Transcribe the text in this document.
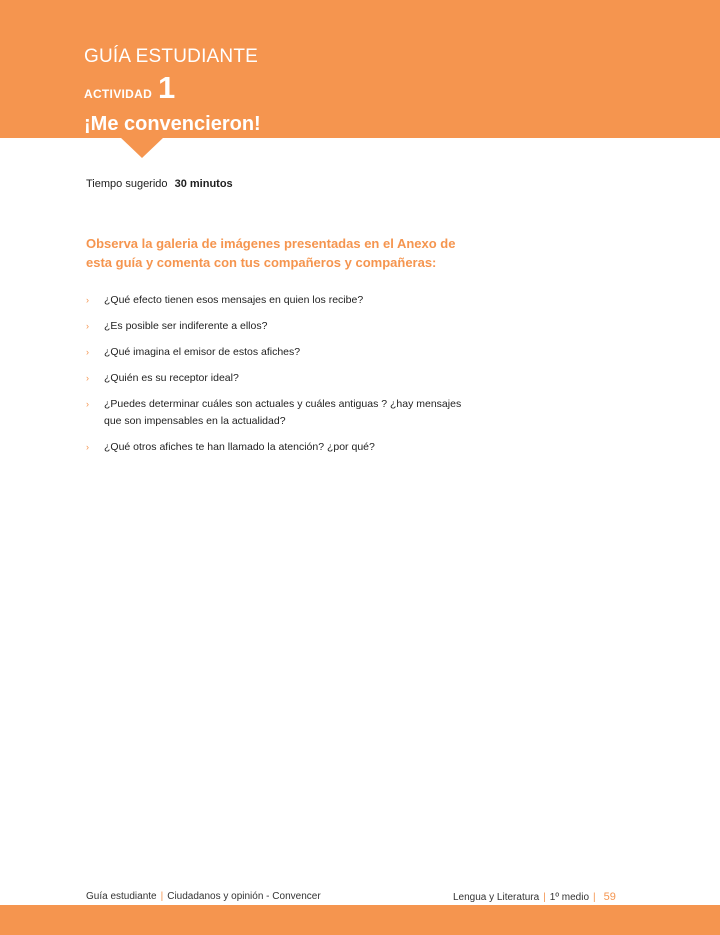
GUÍA ESTUDIANTE
ACTIVIDAD 1
¡Me convencieron!
Tiempo sugerido 30 minutos
Observa la galeria de imágenes presentadas en el Anexo de esta guía y comenta con tus compañeros y compañeras:
› ¿Qué efecto tienen esos mensajes en quien los recibe?
› ¿Es posible ser indiferente a ellos?
› ¿Qué imagina el emisor de estos afiches?
› ¿Quién es su receptor ideal?
› ¿Puedes determinar cuáles son actuales y cuáles antiguas ? ¿hay mensajes que son impensables en la actualidad?
› ¿Qué otros afiches te han llamado la atención? ¿por qué?
Guía estudiante | Ciudadanos y opinión - Convencer	Lengua y Literatura | 1º medio | 59
